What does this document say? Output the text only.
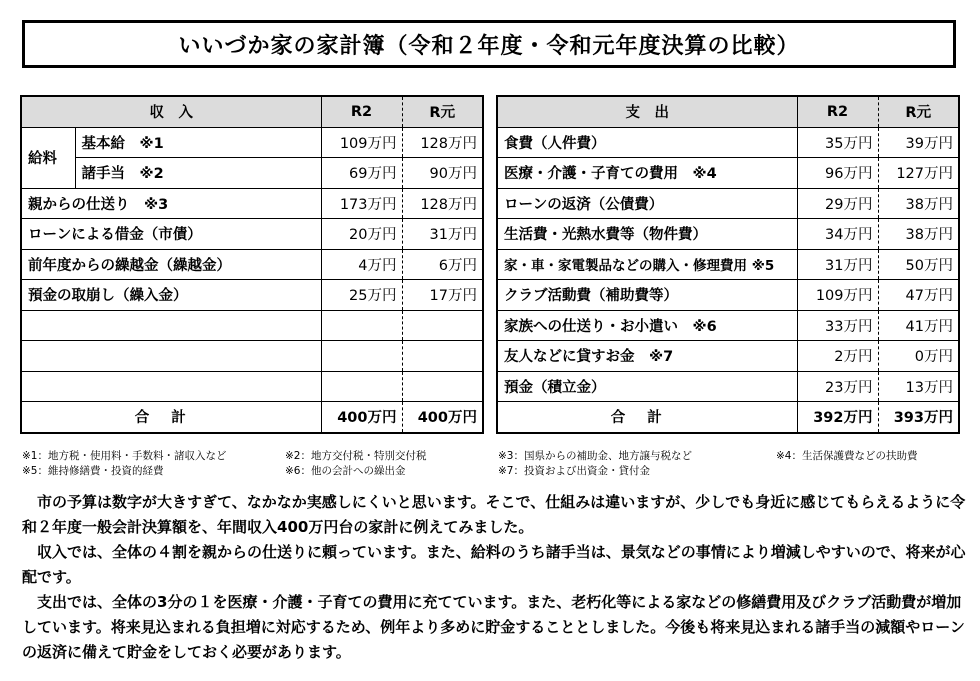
いいづか家の家計簿（令和２年度・令和元年度決算の比較）
収　入		R2	R元
給料	基本給　※1	109万円	128万円
	諸手当　※2	69万円	90万円
親からの仕送り　※3		173万円	128万円
ローンによる借金（市債）		20万円	31万円
前年度からの繰越金（繰越金）		4万円	6万円
預金の取崩し（繰入金）		25万円	17万円

合計		400万円	400万円
支　出	R2	R元
食費（人件費）	35万円	39万円
医療・介護・子育ての費用　※4	96万円	127万円
ローンの返済（公債費）	29万円	38万円
生活費・光熱水費等（物件費）	34万円	38万円
家・車・家電製品などの購入・修理費用 ※5	31万円	50万円
クラブ活動費（補助費等）	109万円	47万円
家族への仕送り・お小遣い　※6	33万円	41万円
友人などに貸すお金　※7	2万円	0万円
預金（積立金）	23万円	13万円
合計	392万円	393万円
※1：地方税・使用料・手数料・諸収入など
※5：維持修繕費・投資的経費
※2：地方交付税・特別交付税
※6：他の会計への繰出金
※3：国県からの補助金、地方譲与税など
※7：投資および出資金・貸付金
※4：生活保護費などの扶助費

市の予算は数字が大きすぎて、なかなか実感しにくいと思います。そこで、仕組みは違いますが、少しでも身近に感じてもらえるように令和２年度一般会計決算額を、年間収入400万円台の家計に例えてみました。

収入では、全体の４割を親からの仕送りに頼っています。また、給料のうち諸手当は、景気などの事情により増減しやすいので、将来が心配です。

支出では、全体の3分の１を医療・介護・子育ての費用に充てています。また、老朽化等による家などの修繕費用及びクラブ活動費が増加しています。将来見込まれる負担増に対応するため、例年より多めに貯金することとしました。今後も将来見込まれる諸手当の減額やローンの返済に備えて貯金をしておく必要があります。
